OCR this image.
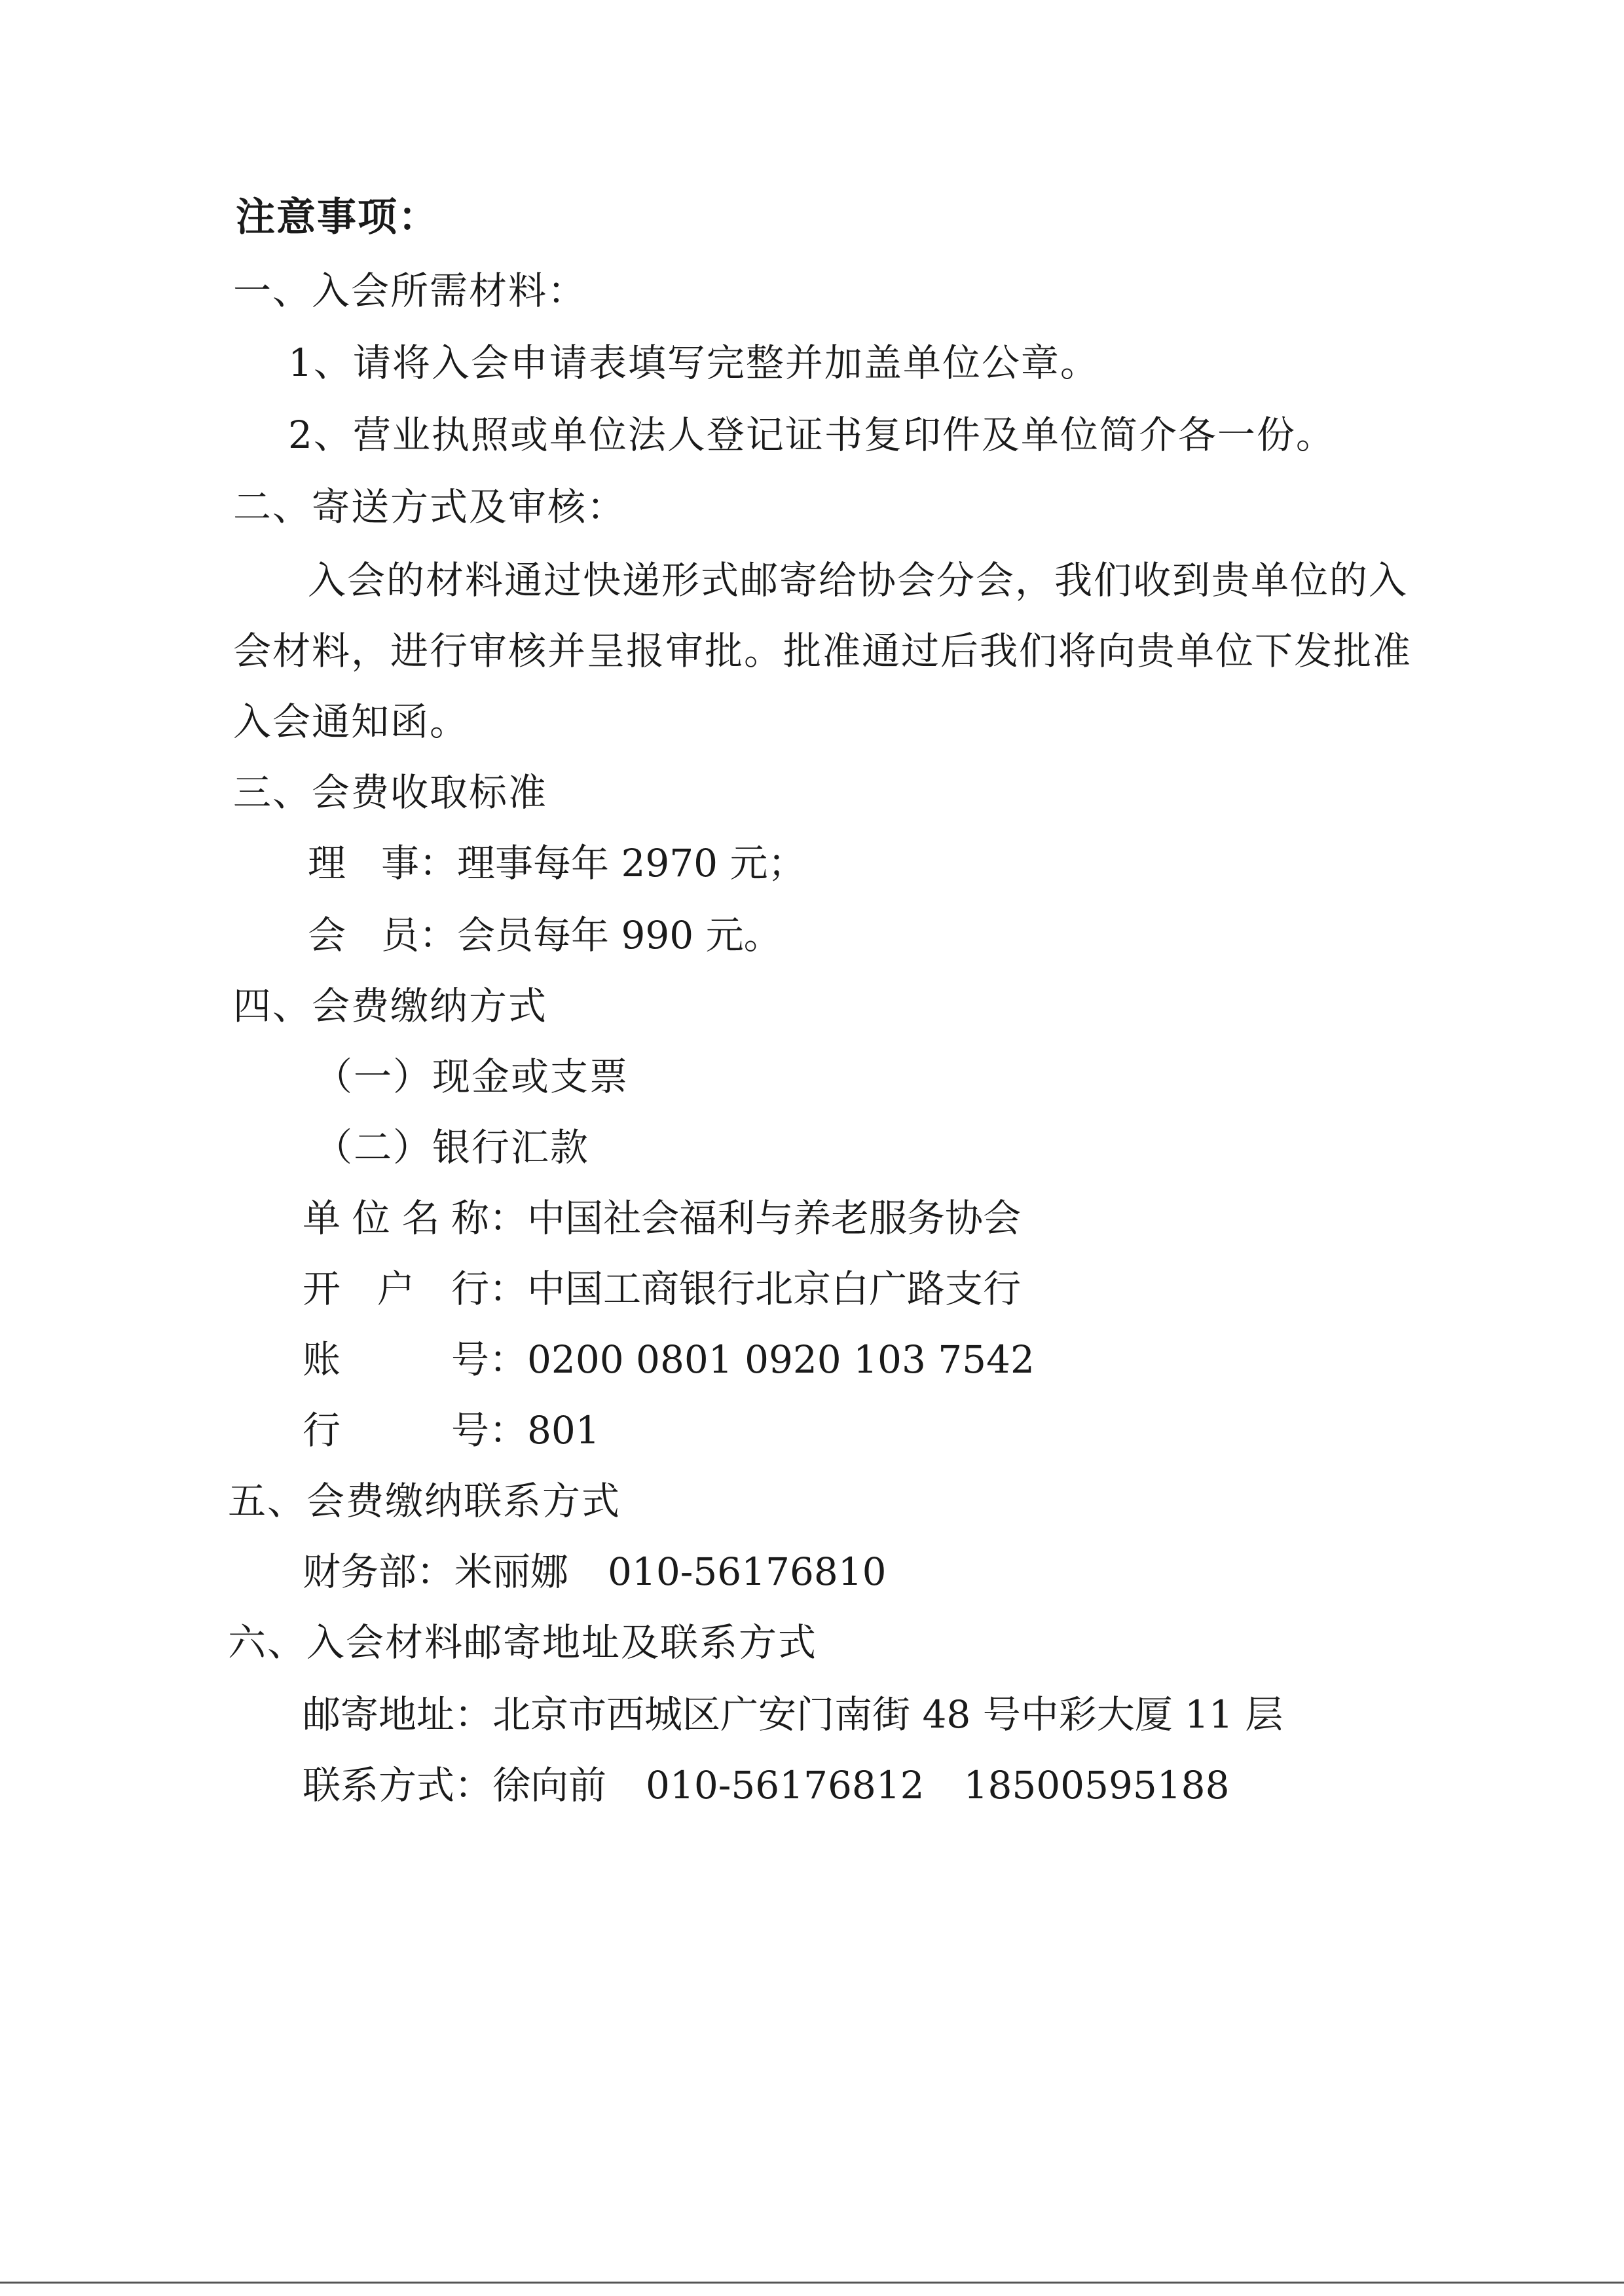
注意事项：
一、入会所需材料：
1、请将入会申请表填写完整并加盖单位公章。
2、营业执照或单位法人登记证书复印件及单位简介各一份。
二、寄送方式及审核：
入会的材料通过快递形式邮寄给协会分会，我们收到贵单位的入
会材料，进行审核并呈报审批。批准通过后我们将向贵单位下发批准
入会通知函。
三、会费收取标准
理事：理事每年 2970 元；
会员：会员每年 990 元。
四、会费缴纳方式
（一）现金或支票
（二）银行汇款
单位名称：中国社会福利与养老服务协会
开户行：中国工商银行北京白广路支行
账号：0200 0801 0920 103 7542
行号：801
五、会费缴纳联系方式
财务部：米丽娜 010-56176810
六、入会材料邮寄地址及联系方式
邮寄地址：北京市西城区广安门南街 48 号中彩大厦 11 层
联系方式：徐向前 010-56176812 18500595188
